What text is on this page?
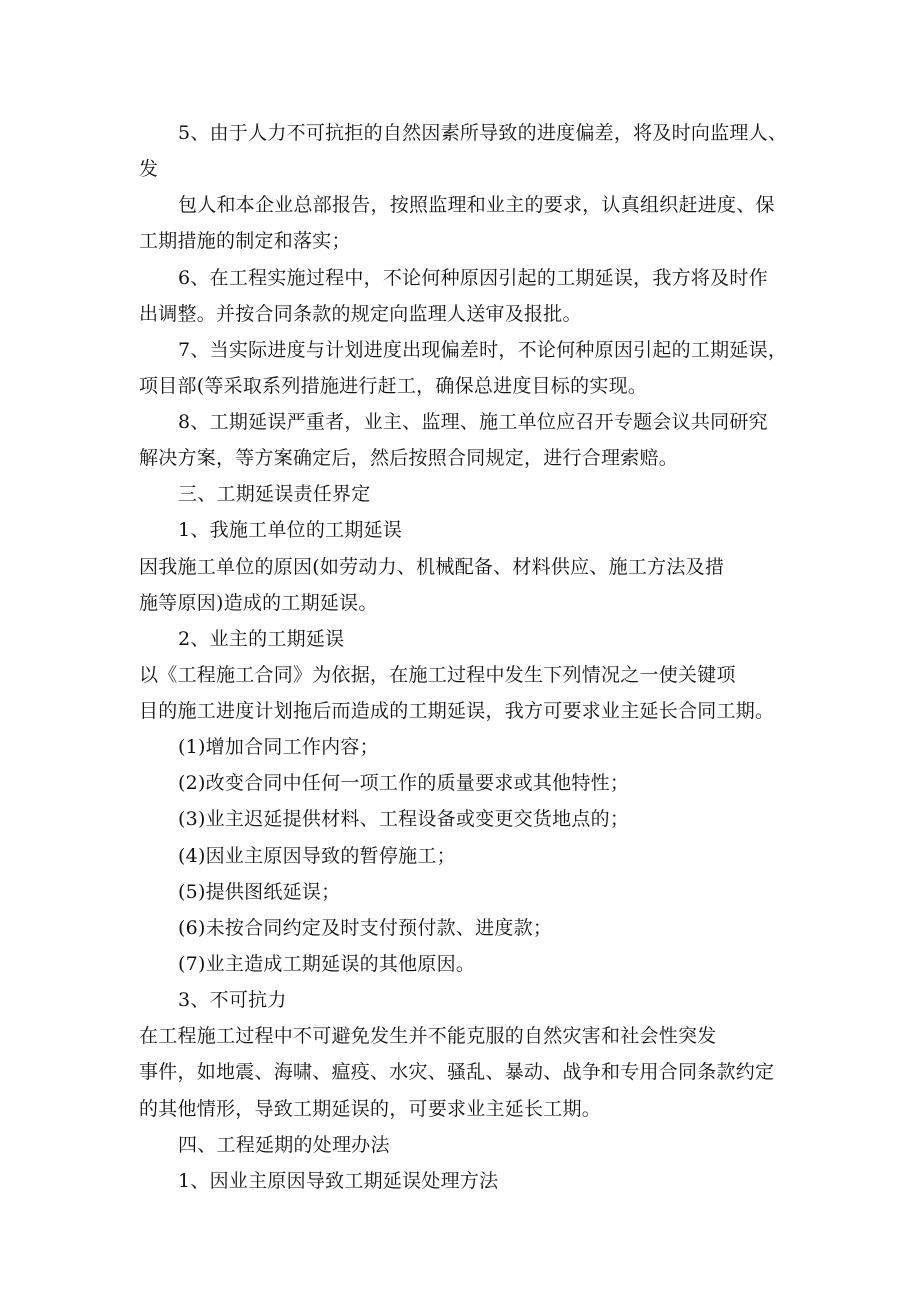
5、由于人力不可抗拒的自然因素所导致的进度偏差，将及时向监理人、

发

包人和本企业总部报告，按照监理和业主的要求，认真组织赶进度、保

工期措施的制定和落实；

6、在工程实施过程中，不论何种原因引起的工期延误，我方将及时作

出调整。并按合同条款的规定向监理人送审及报批。

7、当实际进度与计划进度出现偏差时，不论何种原因引起的工期延误，

项目部(等采取系列措施进行赶工，确保总进度目标的实现。

8、工期延误严重者，业主、监理、施工单位应召开专题会议共同研究

解决方案，等方案确定后，然后按照合同规定，进行合理索赔。

三、工期延误责任界定

1、我施工单位的工期延误

因我施工单位的原因(如劳动力、机械配备、材料供应、施工方法及措

施等原因)造成的工期延误。

2、业主的工期延误

以《工程施工合同》为依据，在施工过程中发生下列情况之一使关键项

目的施工进度计划拖后而造成的工期延误，我方可要求业主延长合同工期。

(1)增加合同工作内容；

(2)改变合同中任何一项工作的质量要求或其他特性；

(3)业主迟延提供材料、工程设备或变更交货地点的；

(4)因业主原因导致的暂停施工；

(5)提供图纸延误；

(6)未按合同约定及时支付预付款、进度款；

(7)业主造成工期延误的其他原因。

3、不可抗力

在工程施工过程中不可避免发生并不能克服的自然灾害和社会性突发

事件，如地震、海啸、瘟疫、水灾、骚乱、暴动、战争和专用合同条款约定

的其他情形，导致工期延误的，可要求业主延长工期。

四、工程延期的处理办法

1、因业主原因导致工期延误处理方法
